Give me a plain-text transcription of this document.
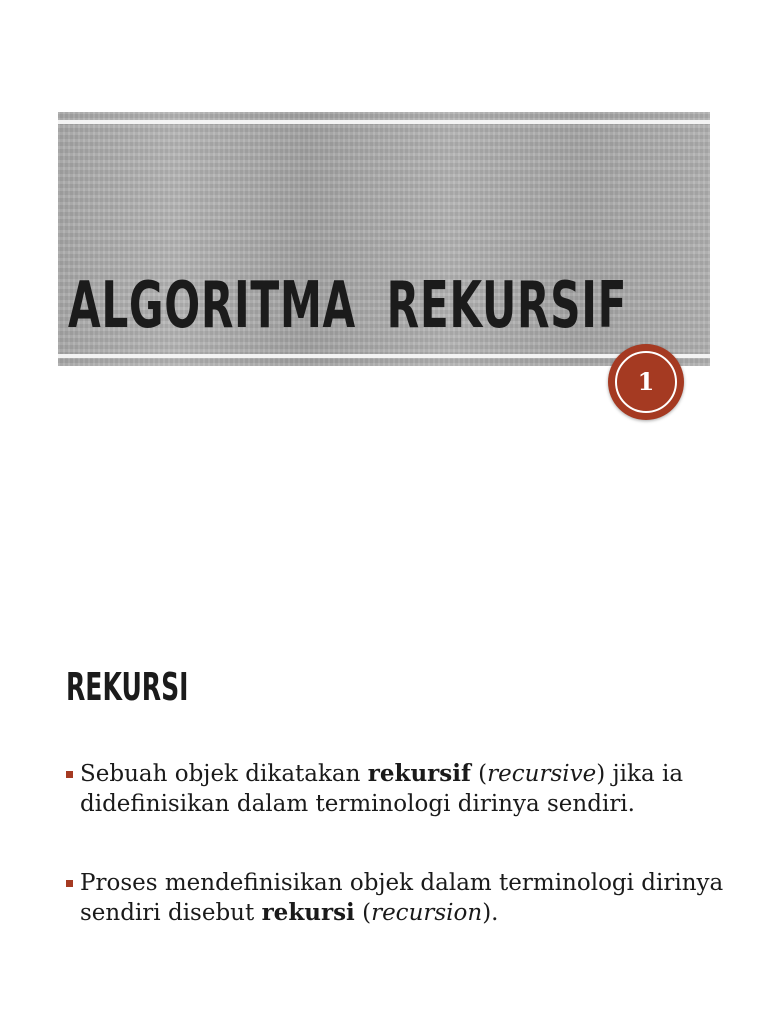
ALGORITMA  REKURSIF
1
REKURSI
Sebuah objek dikatakan rekursif (recursive) jika ia didefinisikan dalam terminologi dirinya sendiri.
Proses mendefinisikan objek dalam terminologi dirinya sendiri disebut rekursi (recursion).
